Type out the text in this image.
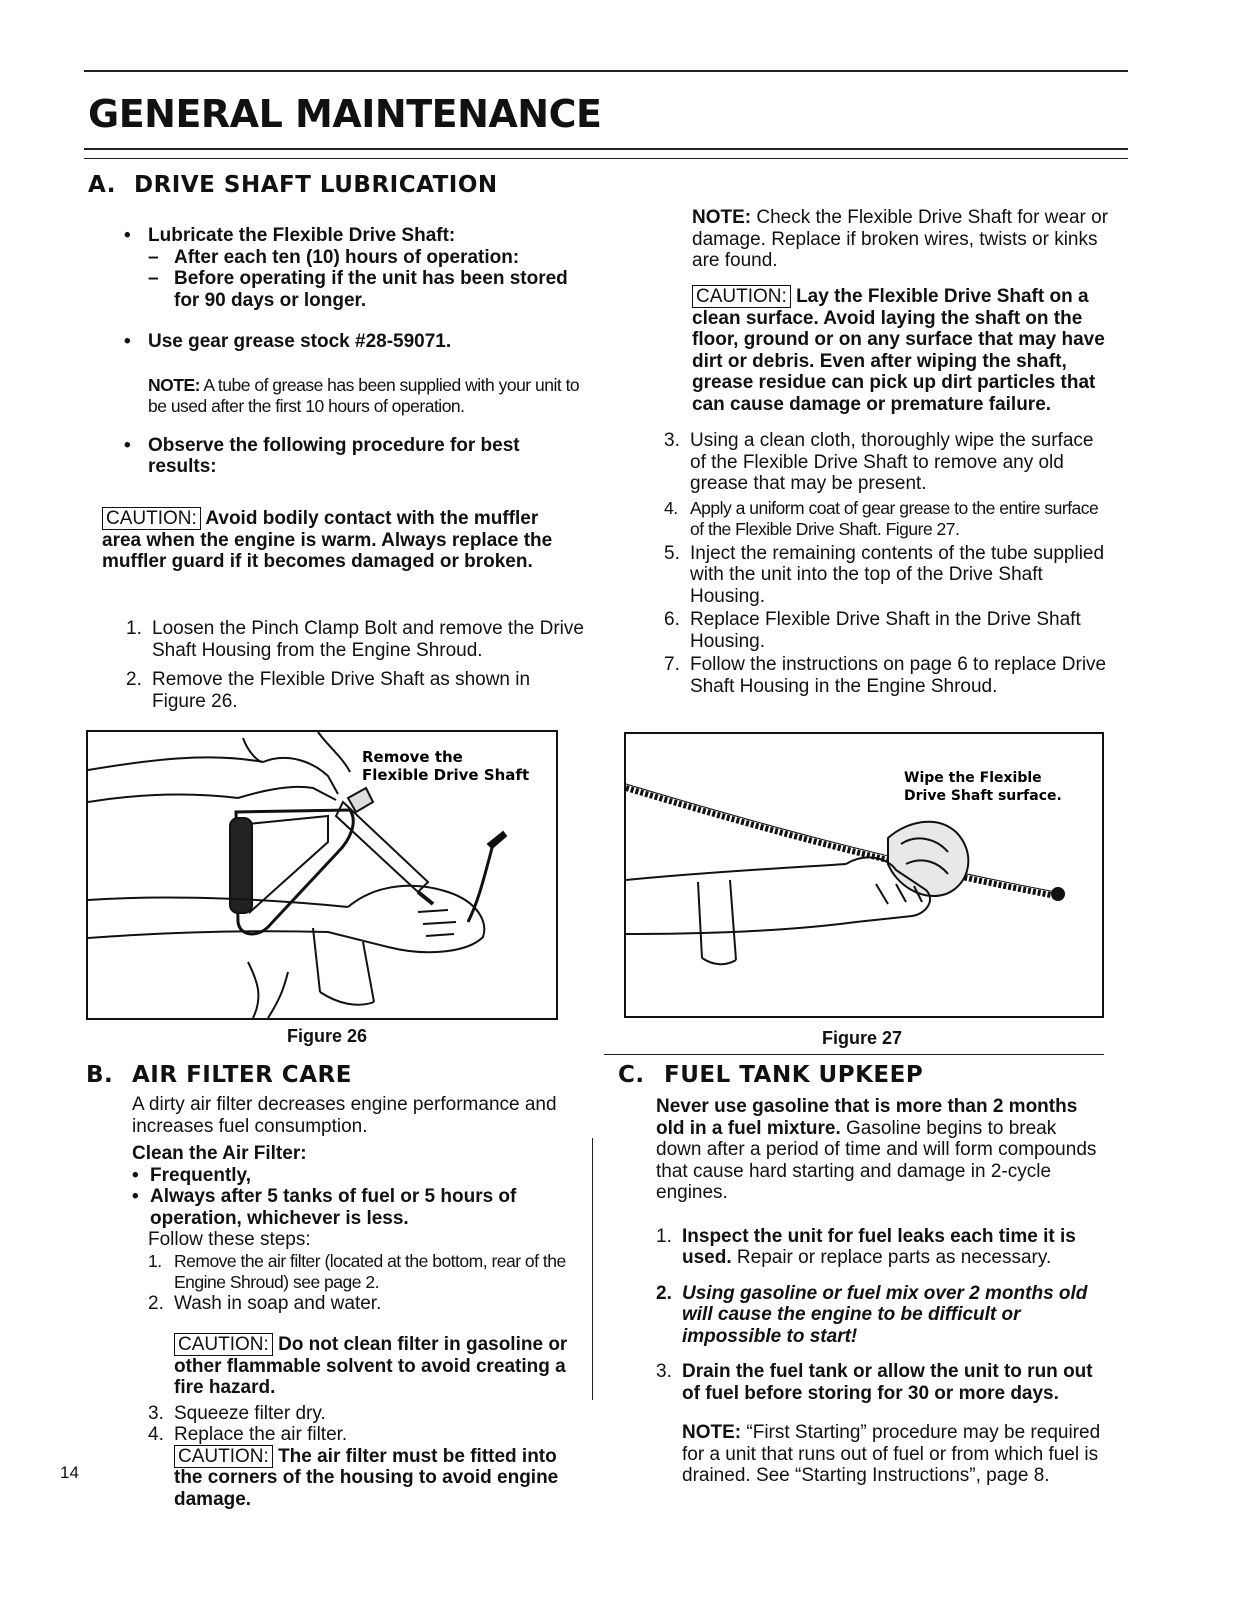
GENERAL MAINTENANCE
A. DRIVE SHAFT LUBRICATION
• Lubricate the Flexible Drive Shaft:
– After each ten (10) hours of operation:
– Before operating if the unit has been stored for 90 days or longer.
• Use gear grease stock #28-59071.

NOTE: A tube of grease has been supplied with your unit to be used after the first 10 hours of operation.

• Observe the following procedure for best results:

CAUTION: Avoid bodily contact with the muffler area when the engine is warm. Always replace the muffler guard if it becomes damaged or broken.

1. Loosen the Pinch Clamp Bolt and remove the Drive Shaft Housing from the Engine Shroud.
2. Remove the Flexible Drive Shaft as shown in Figure 26.

NOTE: Check the Flexible Drive Shaft for wear or damage. Replace if broken wires, twists or kinks are found.

CAUTION: Lay the Flexible Drive Shaft on a clean surface. Avoid laying the shaft on the floor, ground or on any surface that may have dirt or debris. Even after wiping the shaft, grease residue can pick up dirt particles that can cause damage or premature failure.

3. Using a clean cloth, thoroughly wipe the surface of the Flexible Drive Shaft to remove any old grease that may be present.
4. Apply a uniform coat of gear grease to the entire surface of the Flexible Drive Shaft. Figure 27.
5. Inject the remaining contents of the tube supplied with the unit into the top of the Drive Shaft Housing.
6. Replace Flexible Drive Shaft in the Drive Shaft Housing.
7. Follow the instructions on page 6 to replace Drive Shaft Housing in the Engine Shroud.
Remove the
Flexible Drive Shaft
Figure 26
Wipe the Flexible
Drive Shaft surface.
Figure 27
B. AIR FILTER CARE

A dirty air filter decreases engine performance and increases fuel consumption.

Clean the Air Filter:

• Frequently,
• Always after 5 tanks of fuel or 5 hours of operation, whichever is less.

Follow these steps:

1. Remove the air filter (located at the bottom, rear of the Engine Shroud) see page 2.
2. Wash in soap and water.

CAUTION: Do not clean filter in gasoline or other flammable solvent to avoid creating a fire hazard.

3. Squeeze filter dry.
4. Replace the air filter.

CAUTION: The air filter must be fitted into the corners of the housing to avoid engine damage.

C. FUEL TANK UPKEEP

Never use gasoline that is more than 2 months old in a fuel mixture. Gasoline begins to break down after a period of time and will form compounds that cause hard starting and damage in 2-cycle engines.

1. Inspect the unit for fuel leaks each time it is used. Repair or replace parts as necessary.
2. Using gasoline or fuel mix over 2 months old will cause the engine to be difficult or impossible to start!
3. Drain the fuel tank or allow the unit to run out of fuel before storing for 30 or more days.

NOTE: “First Starting” procedure may be required for a unit that runs out of fuel or from which fuel is drained. See “Starting Instructions”, page 8.

14
